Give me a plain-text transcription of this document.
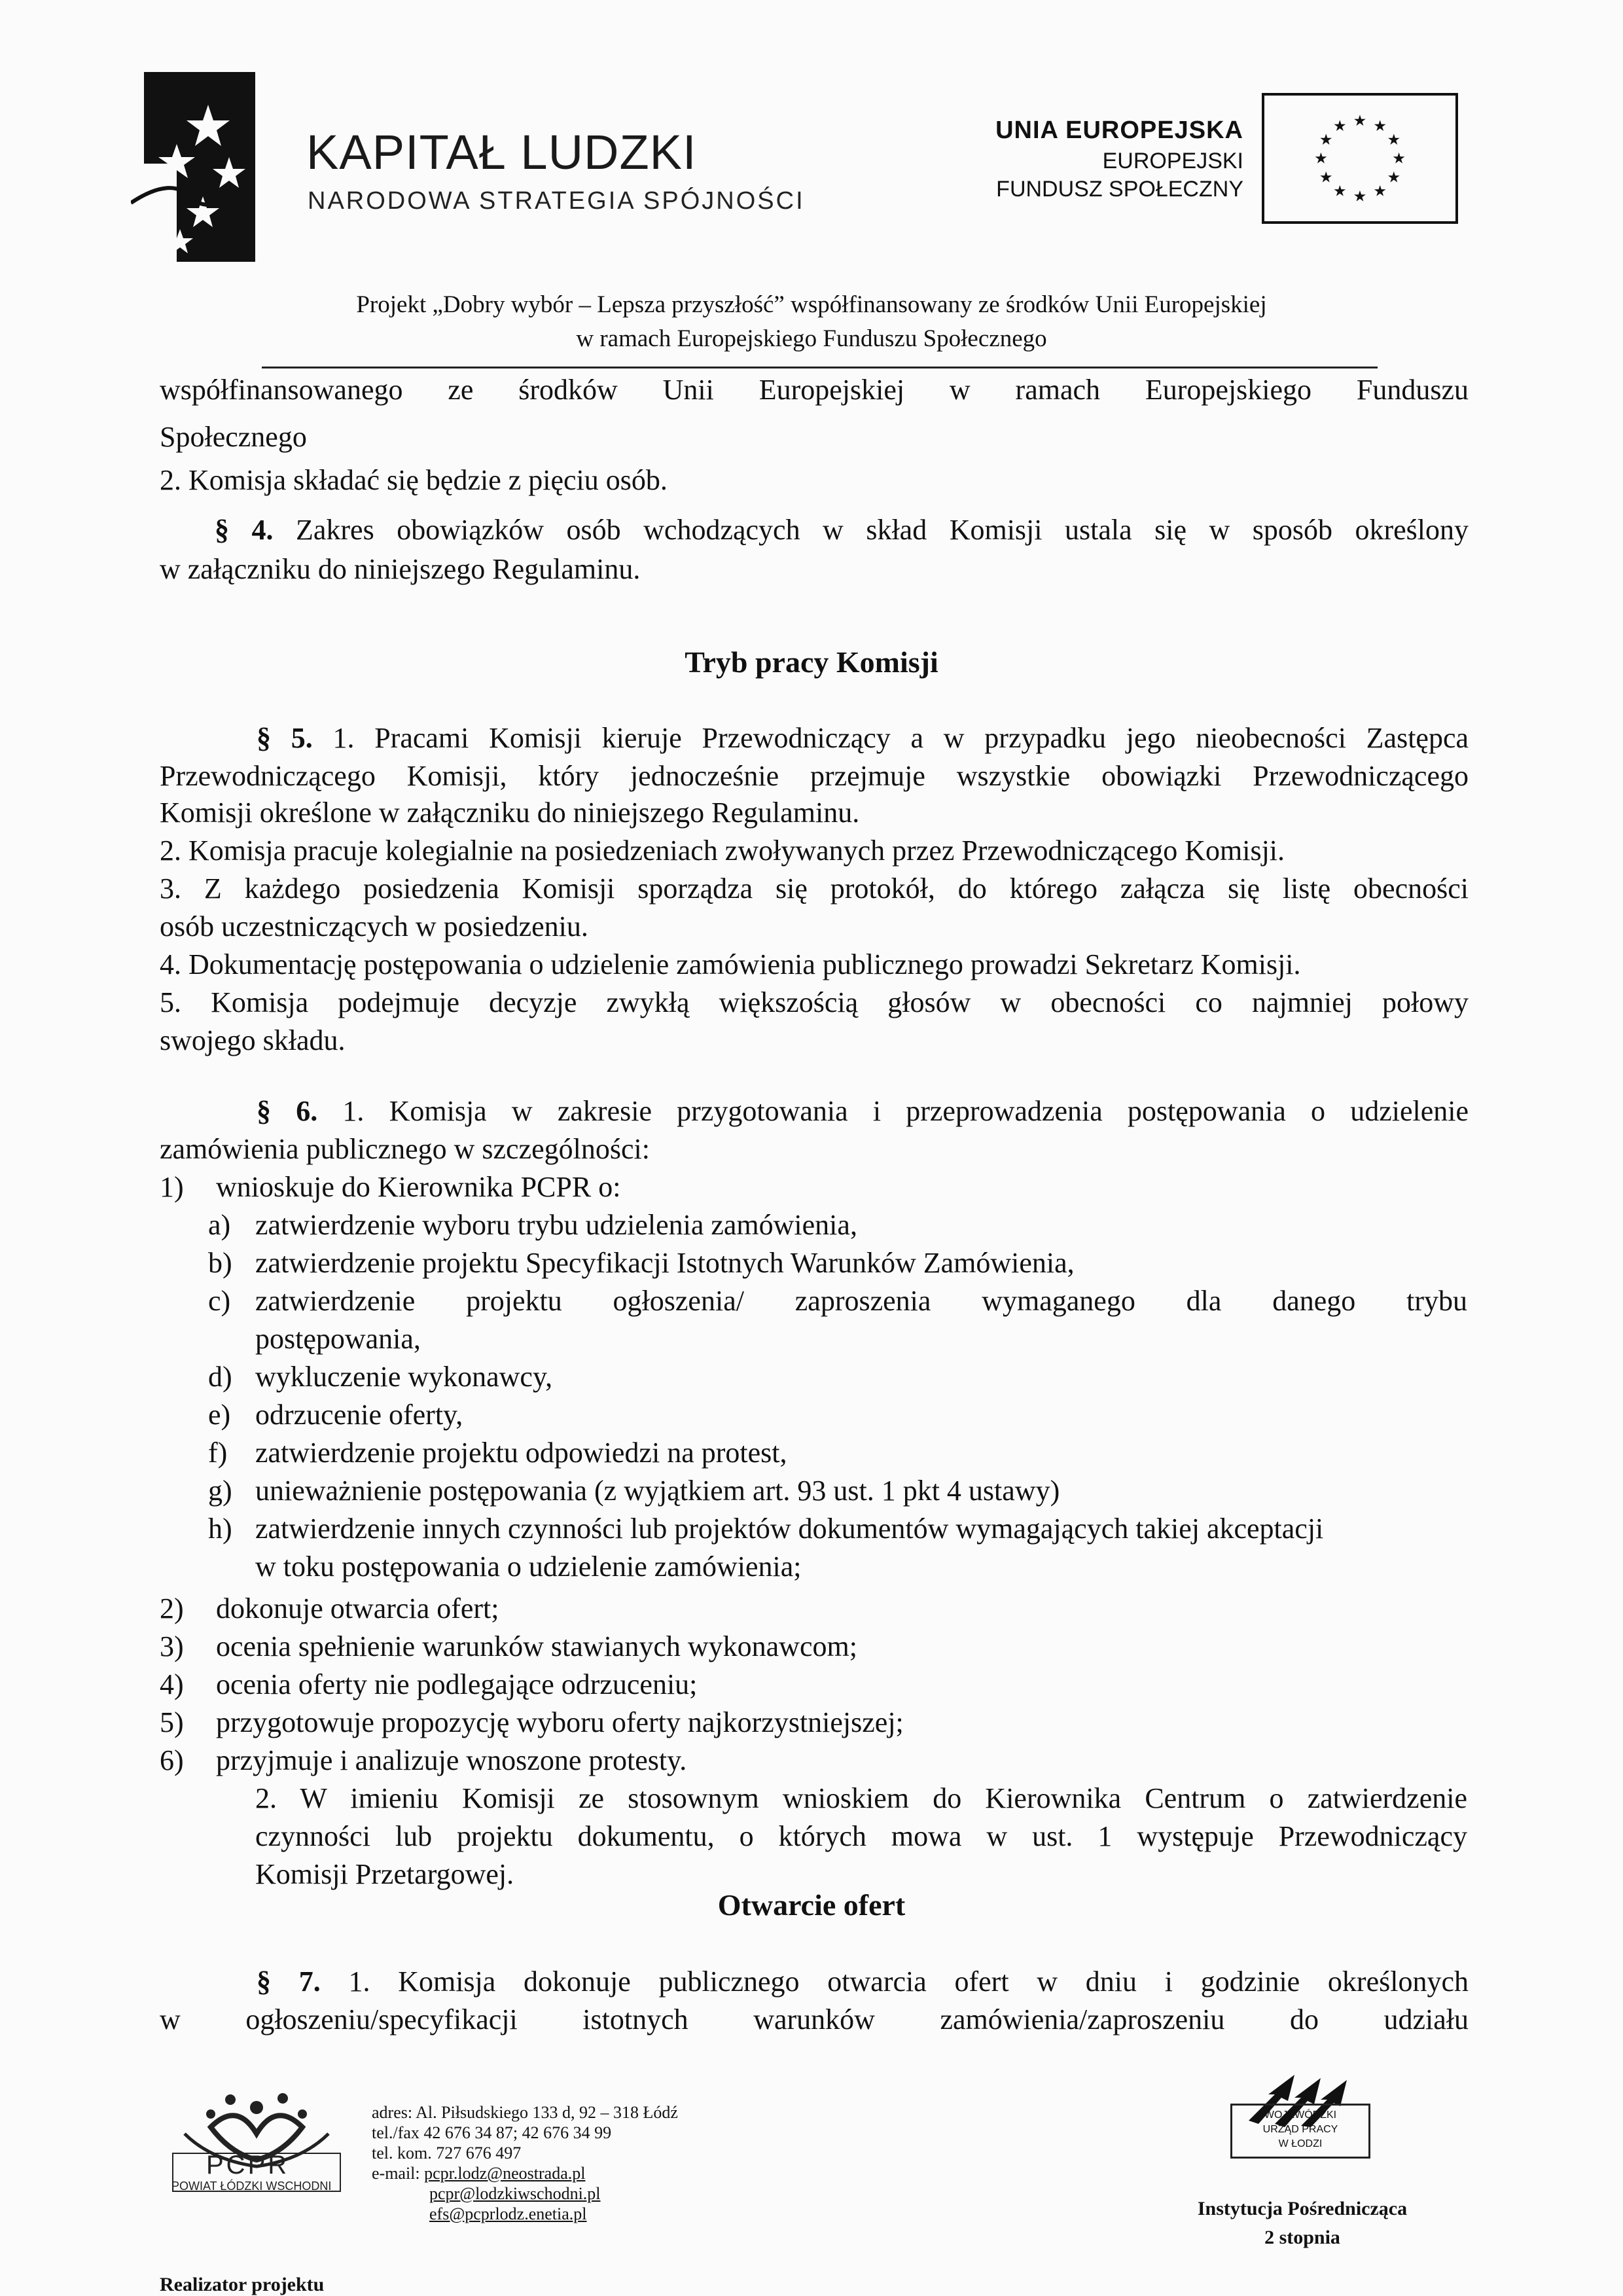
KAPITAŁ LUDZKI
NARODOWA STRATEGIA SPÓJNOŚCI
UNIA EUROPEJSKA
EUROPEJSKI
FUNDUSZ SPOŁECZNY
★ ★
★
★
★
★
★
★
★
★
★
★
Projekt „Dobry wybór – Lepsza przyszłość” współfinansowany ze środków Unii Europejskiej
w ramach Europejskiego Funduszu Społecznego
współfinansowanego ze środków Unii Europejskiej w ramach Europejskiego Funduszu
Społecznego
2. Komisja składać się będzie z pięciu osób.
§ 4. Zakres obowiązków osób wchodzących w skład Komisji ustala się w sposób określony
w załączniku do niniejszego Regulaminu.
Tryb pracy Komisji
§ 5. 1. Pracami Komisji kieruje Przewodniczący a w przypadku jego nieobecności Zastępca
Przewodniczącego Komisji, który jednocześnie przejmuje wszystkie obowiązki Przewodniczącego
Komisji określone w załączniku do niniejszego Regulaminu.
2. Komisja pracuje kolegialnie na posiedzeniach zwoływanych przez Przewodniczącego Komisji.
3. Z każdego posiedzenia Komisji sporządza się protokół, do którego załącza się listę obecności
osób uczestniczących w posiedzeniu.
4. Dokumentację postępowania o udzielenie zamówienia publicznego prowadzi Sekretarz Komisji.
5. Komisja podejmuje decyzje zwykłą większością głosów w obecności co najmniej połowy
swojego składu.
§ 6. 1. Komisja w zakresie przygotowania i przeprowadzenia postępowania o udzielenie
zamówienia publicznego w szczególności:
1) wnioskuje do Kierownika PCPR o:
a) zatwierdzenie wyboru trybu udzielenia zamówienia,
b) zatwierdzenie projektu Specyfikacji Istotnych Warunków Zamówienia,
c) zatwierdzenie projektu ogłoszenia/ zaproszenia wymaganego dla danego trybu
postępowania,
d) wykluczenie wykonawcy,
e) odrzucenie oferty,
f) zatwierdzenie projektu odpowiedzi na protest,
g) unieważnienie postępowania (z wyjątkiem art. 93 ust. 1 pkt 4 ustawy)
h) zatwierdzenie innych czynności lub projektów dokumentów wymagających takiej akceptacji
w toku postępowania o udzielenie zamówienia;
2) dokonuje otwarcia ofert;
3) ocenia spełnienie warunków stawianych wykonawcom;
4) ocenia oferty nie podlegające odrzuceniu;
5) przygotowuje propozycję wyboru oferty najkorzystniejszej;
6) przyjmuje i analizuje wnoszone protesty.
2. W imieniu Komisji ze stosownym wnioskiem do Kierownika Centrum o zatwierdzenie
czynności lub projektu dokumentu, o których mowa w ust. 1 występuje Przewodniczący
Komisji Przetargowej.
Otwarcie ofert
§ 7. 1. Komisja dokonuje publicznego otwarcia ofert w dniu i godzinie określonych
w ogłoszeniu/specyfikacji istotnych warunków zamówienia/zaproszeniu do udziału
PCPR
POWIAT ŁÓDZKI WSCHODNI
adres: Al. Piłsudskiego 133 d, 92 – 318 Łódź
tel./fax 42 676 34 87; 42 676 34 99
tel. kom. 727 676 497
e-mail: pcpr.lodz@neostrada.pl
pcpr@lodzkiwschodni.pl
efs@pcprlodz.enetia.pl
Realizator projektu
WOJEWÓDZKI
URZĄD PRACY
W ŁODZI
Instytucja Pośrednicząca
2 stopnia
